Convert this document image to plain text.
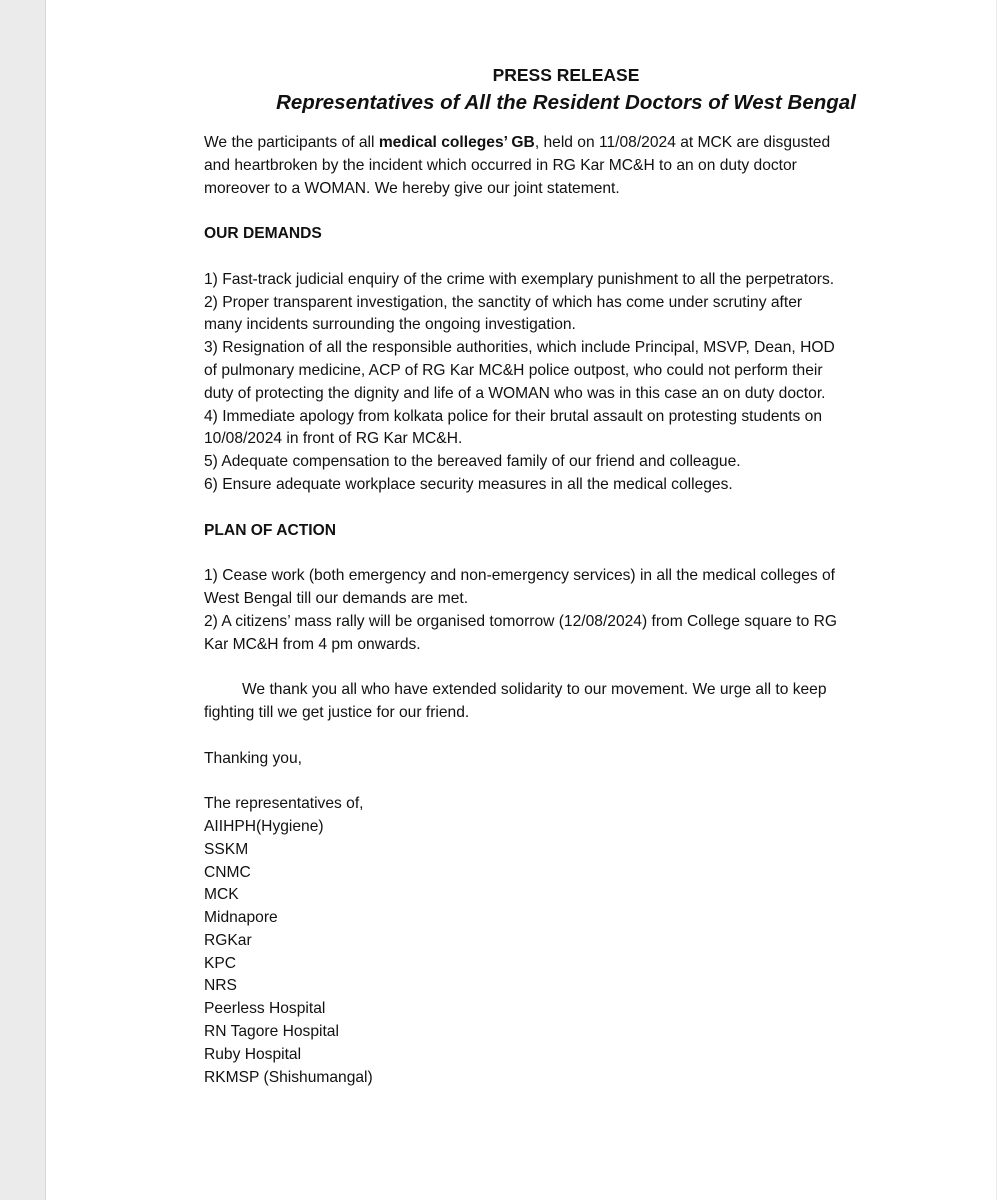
PRESS RELEASE

Representatives of All the Resident Doctors of West Bengal

We the participants of all medical colleges’ GB, held on 11/08/2024 at MCK are disgusted
and heartbroken by the incident which occurred in RG Kar MC&H to an on duty doctor
moreover to a WOMAN. We hereby give our joint statement.

OUR DEMANDS

1) Fast-track judicial enquiry of the crime with exemplary punishment to all the perpetrators.
2) Proper transparent investigation, the sanctity of which has come under scrutiny after
many incidents surrounding the ongoing investigation.
3) Resignation of all the responsible authorities, which include Principal, MSVP, Dean, HOD
of pulmonary medicine, ACP of RG Kar MC&H police outpost, who could not perform their
duty of protecting the dignity and life of a WOMAN who was in this case an on duty doctor.
4) Immediate apology from kolkata police for their brutal assault on protesting students on
10/08/2024 in front of RG Kar MC&H.
5) Adequate compensation to the bereaved family of our friend and colleague.
6) Ensure adequate workplace security measures in all the medical colleges.

PLAN OF ACTION

1) Cease work (both emergency and non-emergency services) in all the medical colleges of
West Bengal till our demands are met.
2) A citizens’ mass rally will be organised tomorrow (12/08/2024) from College square to RG
Kar MC&H from 4 pm onwards.
We thank you all who have extended solidarity to our movement. We urge all to keep
fighting till we get justice for our friend.

Thanking you,

The representatives of,

AIIHPH(Hygiene)
SSKM
CNMC
MCK
Midnapore
RGKar
KPC
NRS
Peerless Hospital
RN Tagore Hospital
Ruby Hospital
RKMSP (Shishumangal)
